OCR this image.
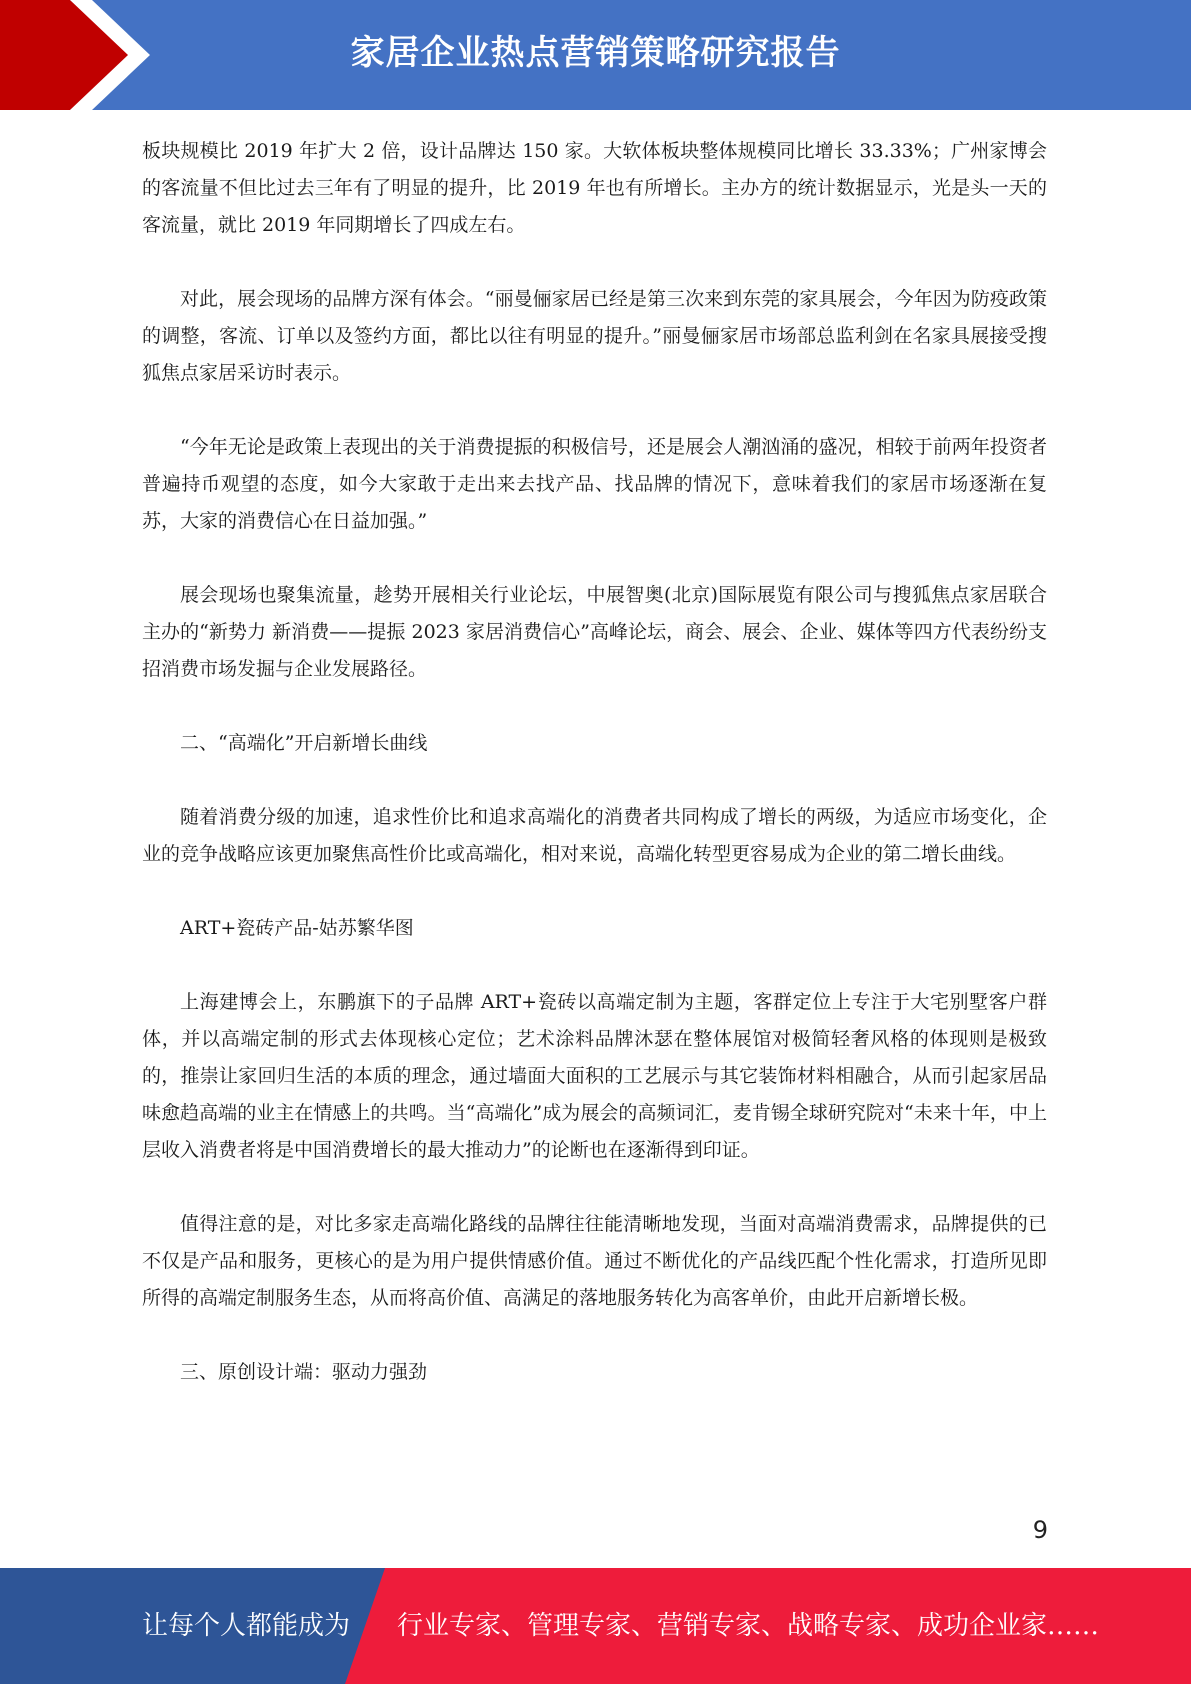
家居企业热点营销策略研究报告

板块规模比 2019 年扩大 2 倍，设计品牌达 150 家。大软体板块整体规模同比增长 33.33%；广州家博会的客流量不但比过去三年有了明显的提升，比 2019 年也有所增长。主办方的统计数据显示，光是头一天的客流量，就比 2019 年同期增长了四成左右。

对此，展会现场的品牌方深有体会。“丽曼俪家居已经是第三次来到东莞的家具展会，今年因为防疫政策的调整，客流、订单以及签约方面，都比以往有明显的提升。”丽曼俪家居市场部总监利剑在名家具展接受搜狐焦点家居采访时表示。

“今年无论是政策上表现出的关于消费提振的积极信号，还是展会人潮汹涌的盛况，相较于前两年投资者普遍持币观望的态度，如今大家敢于走出来去找产品、找品牌的情况下，意味着我们的家居市场逐渐在复苏，大家的消费信心在日益加强。”

展会现场也聚集流量，趁势开展相关行业论坛，中展智奥(北京)国际展览有限公司与搜狐焦点家居联合主办的“新势力 新消费——提振 2023 家居消费信心”高峰论坛，商会、展会、企业、媒体等四方代表纷纷支招消费市场发掘与企业发展路径。

二、“高端化”开启新增长曲线

随着消费分级的加速，追求性价比和追求高端化的消费者共同构成了增长的两级，为适应市场变化，企业的竞争战略应该更加聚焦高性价比或高端化，相对来说，高端化转型更容易成为企业的第二增长曲线。

ART+瓷砖产品-姑苏繁华图

上海建博会上，东鹏旗下的子品牌 ART+瓷砖以高端定制为主题，客群定位上专注于大宅别墅客户群体，并以高端定制的形式去体现核心定位；艺术涂料品牌沐瑟在整体展馆对极简轻奢风格的体现则是极致的，推崇让家回归生活的本质的理念，通过墙面大面积的工艺展示与其它装饰材料相融合，从而引起家居品味愈趋高端的业主在情感上的共鸣。当“高端化”成为展会的高频词汇，麦肯锡全球研究院对“未来十年，中上层收入消费者将是中国消费增长的最大推动力”的论断也在逐渐得到印证。

值得注意的是，对比多家走高端化路线的品牌往往能清晰地发现，当面对高端消费需求，品牌提供的已不仅是产品和服务，更核心的是为用户提供情感价值。通过不断优化的产品线匹配个性化需求，打造所见即所得的高端定制服务生态，从而将高价值、高满足的落地服务转化为高客单价，由此开启新增长极。

三、原创设计端：驱动力强劲

9
让每个人都能成为 行业专家、管理专家、营销专家、战略专家、成功企业家……
